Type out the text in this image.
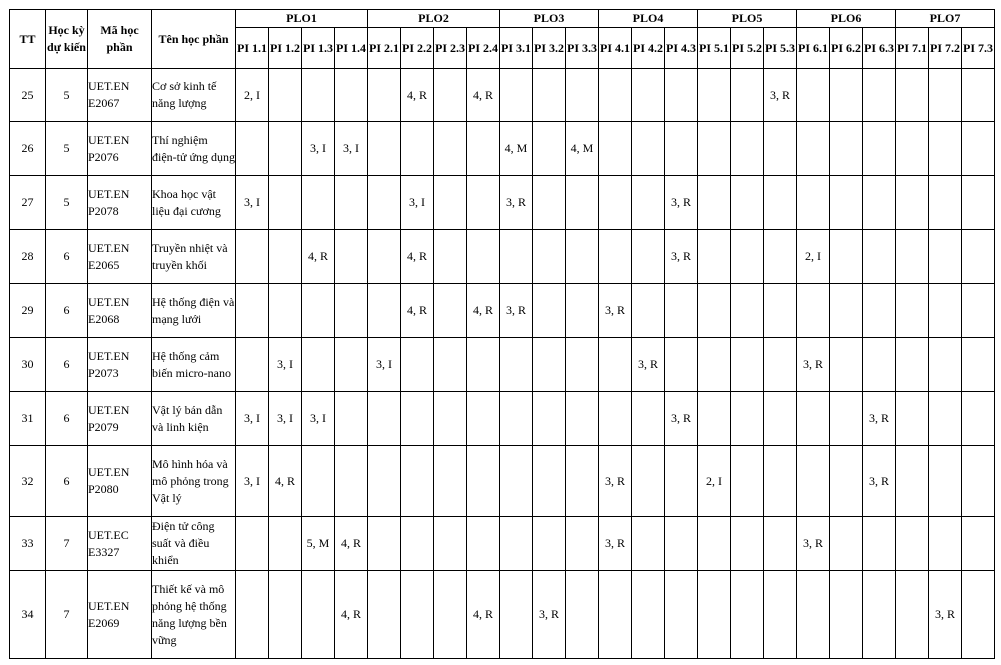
TT	Học kỳ dự kiến	Mã học phần	Tên học phần	PLO1				PLO2				PLO3			PLO4			PLO5			PLO6			PLO7		
				PI 1.1	PI 1.2	PI 1.3	PI 1.4	PI 2.1	PI 2.2	PI 2.3	PI 2.4	PI 3.1	PI 3.2	PI 3.3	PI 4.1	PI 4.2	PI 4.3	PI 5.1	PI 5.2	PI 5.3	PI 6.1	PI 6.2	PI 6.3	PI 7.1	PI 7.2	PI 7.3
25	5	UET.EN E2067	Cơ sở kinh tế năng lượng	2, I					4, R		4, R									3, R						
26	5	UET.EN P2076	Thí nghiệm điện-tử ứng dụng			3, I	3, I					4, M		4, M												
27	5	UET.EN P2078	Khoa học vật liệu đại cương	3, I					3, I			3, R					3, R									
28	6	UET.EN E2065	Truyền nhiệt và truyền khối			4, R			4, R								3, R				2, I					
29	6	UET.EN E2068	Hệ thống điện và mạng lưới						4, R		4, R	3, R			3, R											
30	6	UET.EN P2073	Hệ thống cảm biến micro-nano		3, I			3, I								3, R					3, R					
31	6	UET.EN P2079	Vật lý bán dẫn và linh kiện	3, I	3, I	3, I											3, R						3, R			
32	6	UET.EN P2080	Mô hình hóa và mô phỏng trong Vật lý	3, I	4, R										3, R			2, I					3, R			
33	7	UET.EC E3327	Điện tử công suất và điều khiển			5, M	4, R								3, R						3, R					
34	7	UET.EN E2069	Thiết kế và mô phỏng hệ thống năng lượng bền vững				4, R				4, R		3, R												3, R	
